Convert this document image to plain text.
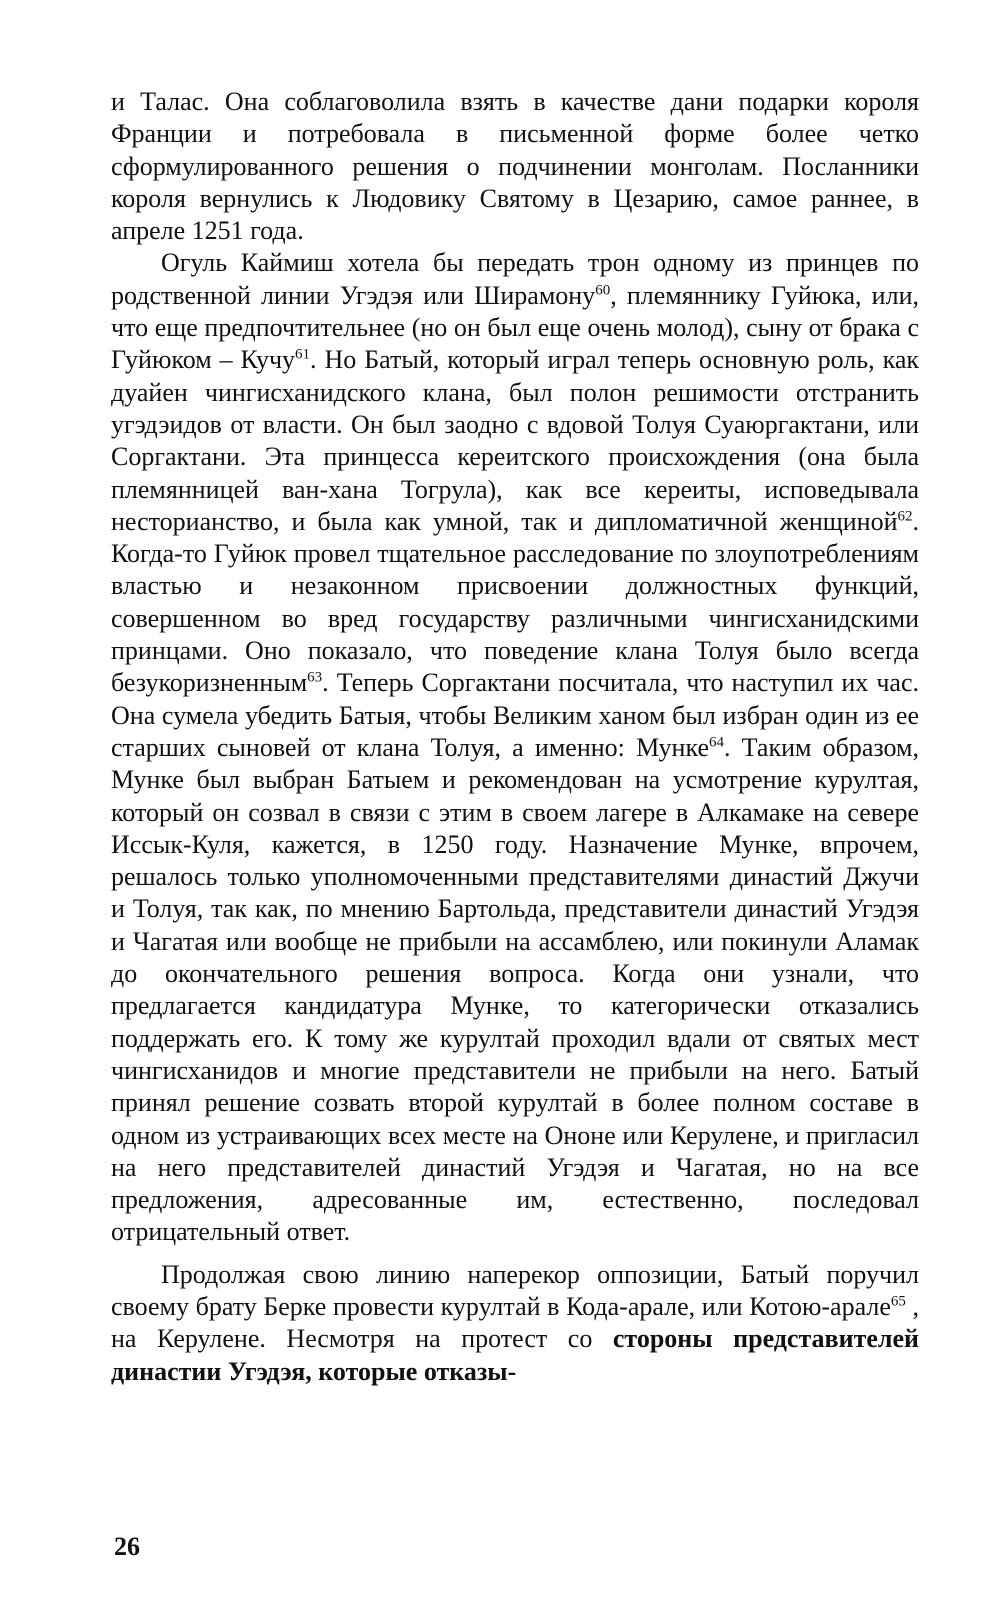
и Талас. Она соблаговолила взять в качестве дани подарки короля Франции и потребовала в письменной форме более четко сформулированного решения о подчинении монголам. Посланники короля вернулись к Людовику Святому в Цезарию, самое раннее, в апреле 1251 года.

Огуль Каймиш хотела бы передать трон одному из принцев по родственной линии Угэдэя или Ширамону$^{60}$, племяннику Гуйюка, или, что еще предпочтительнее (но он был еще очень молод), сыну от брака с Гуйюком – Кучу$^{61}$. Но Батый, который играл теперь основную роль, как дуайен чингисханидского клана, был полон решимости отстранить угэдэидов от власти. Он был заодно с вдовой Толуя Суаюргактани, или Соргактани. Эта принцесса кереитского происхождения (она была племянницей ван-хана Тогрула), как все кереиты, исповедывала несторианство, и была как умной, так и дипломатичной женщиной$^{62}$. Когда-то Гуйюк провел тщательное расследование по злоупотреблениям властью и незаконном присвоении должностных функций, совершенном во вред государству различными чингисханидскими принцами. Оно показало, что поведение клана Толуя было всегда безукоризненным$^{63}$. Теперь Соргактани посчитала, что наступил их час. Она сумела убедить Батыя, чтобы Великим ханом был избран один из ее старших сыновей от клана Толуя, а именно: Мунке$^{64}$. Таким образом, Мунке был выбран Батыем и рекомендован на усмотрение курултая, который он созвал в связи с этим в своем лагере в Алкамаке на севере Иссык-Куля, кажется, в 1250 году. Назначение Мунке, впрочем, решалось только уполномоченными представителями династий Джучи и Толуя, так как, по мнению Бартольда, представители династий Угэдэя и Чагатая или вообще не прибыли на ассамблею, или покинули Аламак до окончательного решения вопроса. Когда они узнали, что предлагается кандидатура Мунке, то категорически отказались поддержать его. К тому же курултай проходил вдали от святых мест чингисханидов и многие представители не прибыли на него. Батый принял решение созвать второй курултай в более полном составе в одном из устраивающих всех месте на Ононе или Керулене, и пригласил на него представителей династий Угэдэя и Чагатая, но на все предложения, адресованные им, естественно, последовал отрицательный ответ.

Продолжая свою линию наперекор оппозиции, Батый поручил своему брату Берке провести курултай в Кода-арале, или Котою-арале$^{65}$ , на Керулене. Несмотря на протест со стороны представителей династии Угэдэя, которые отказы-

26
